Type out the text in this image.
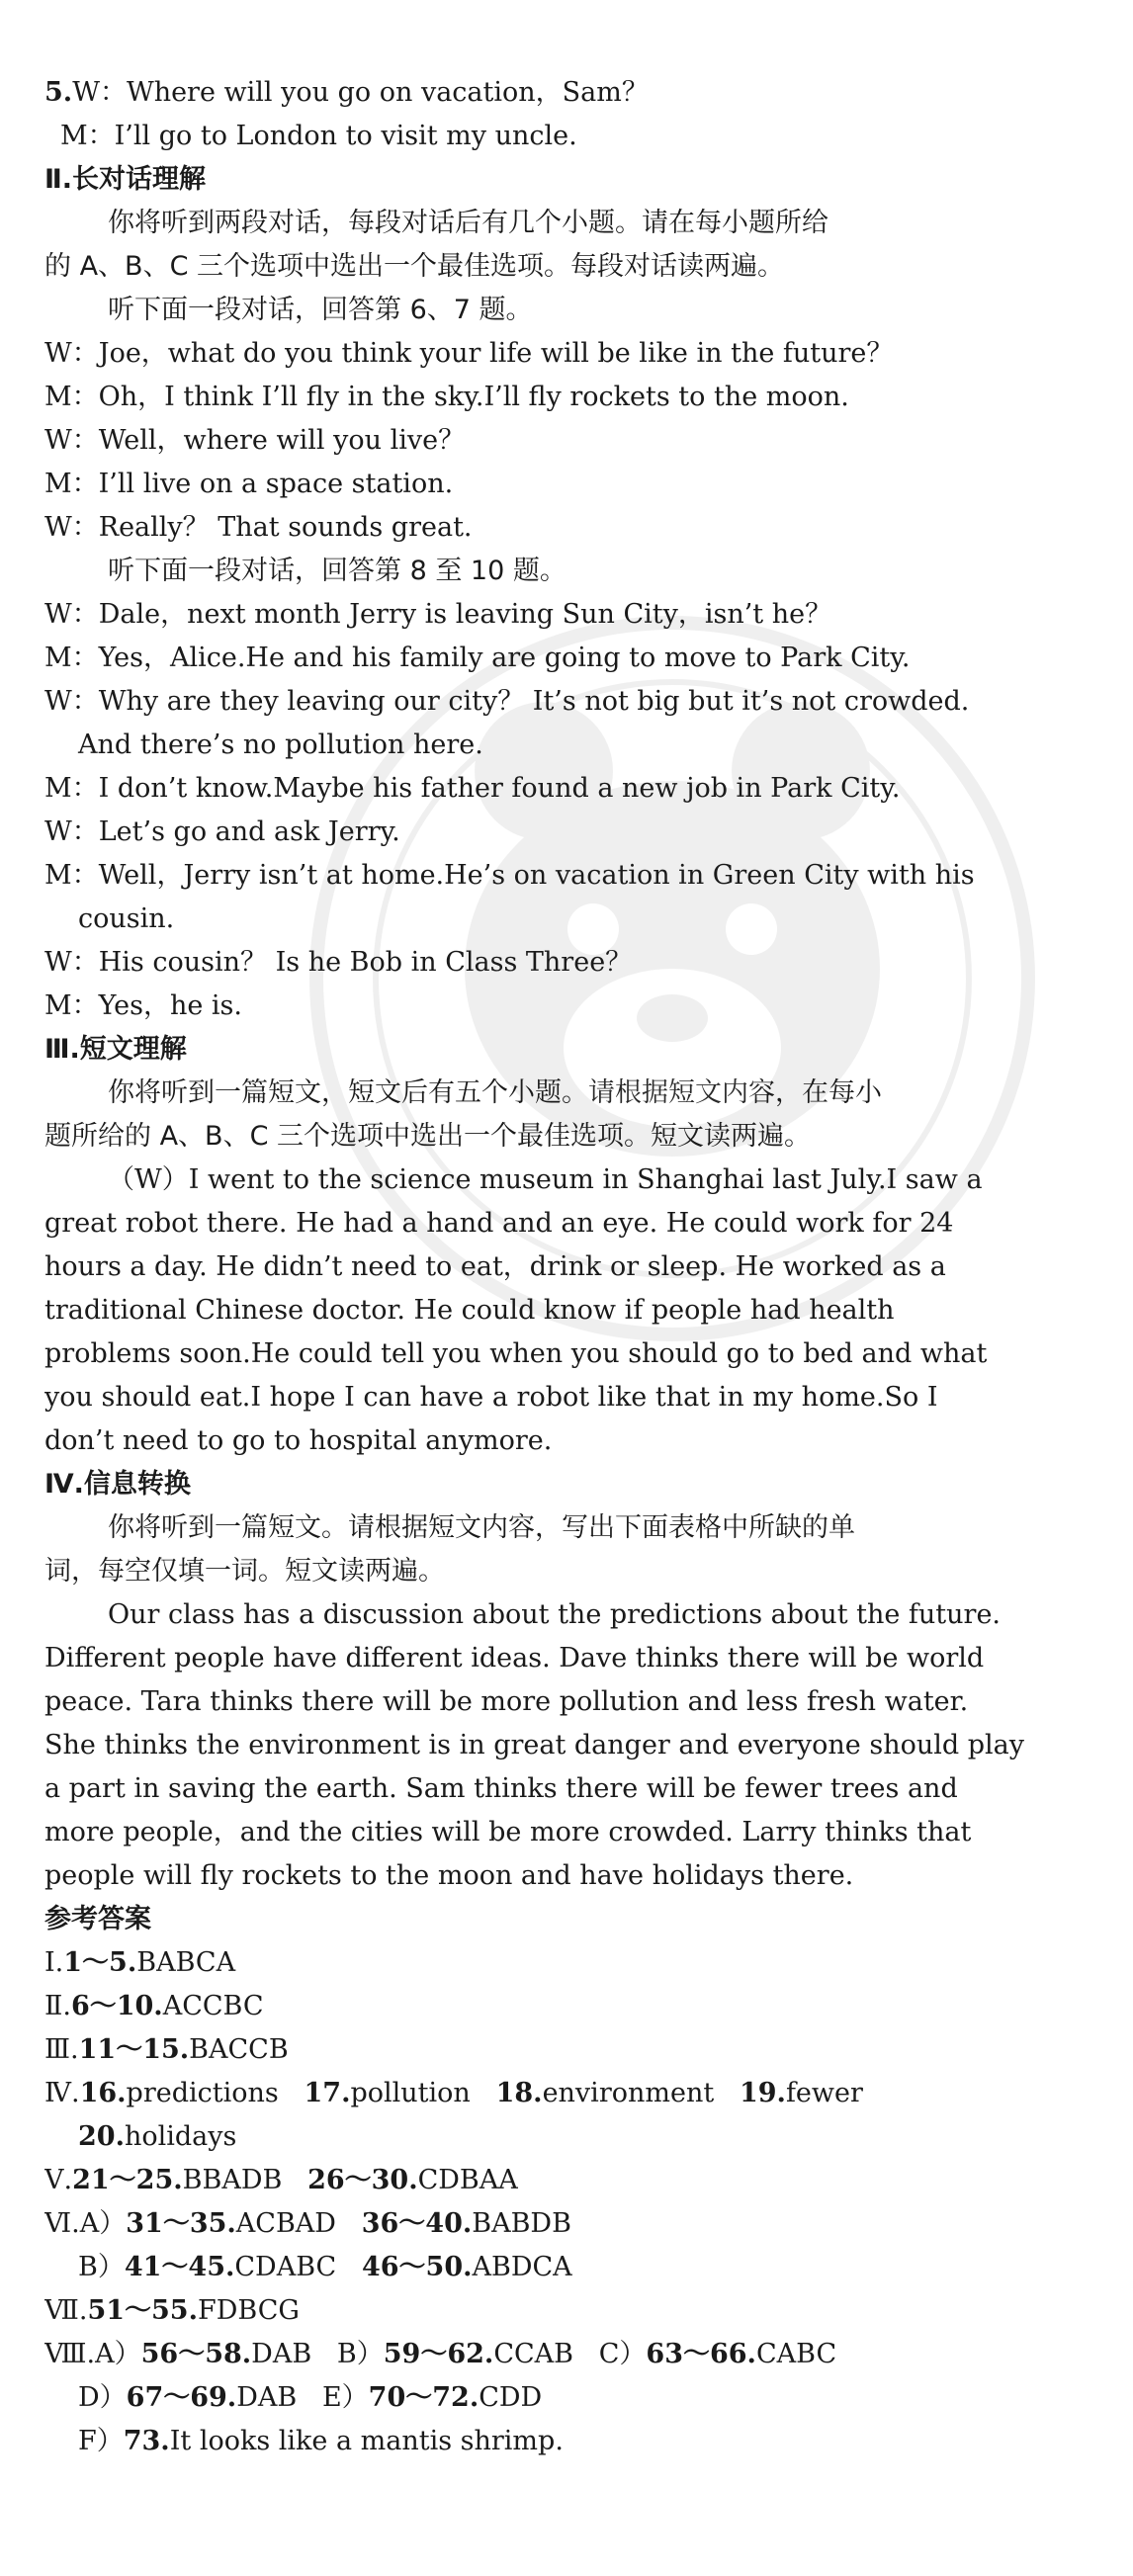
5.W：Where will you go on vacation，Sam？
M：I’ll go to London to visit my uncle.
Ⅱ.长对话理解
你将听到两段对话，每段对话后有几个小题。请在每小题所给
的 A、B、C 三个选项中选出一个最佳选项。每段对话读两遍。
听下面一段对话，回答第 6、7 题。
W：Joe，what do you think your life will be like in the future？
M：Oh，I think I’ll fly in the sky.I’ll fly rockets to the moon.
W：Well，where will you live？
M：I’ll live on a space station.
W：Really？ That sounds great.
听下面一段对话，回答第 8 至 10 题。
W：Dale，next month Jerry is leaving Sun City，isn’t he？
M：Yes，Alice.He and his family are going to move to Park City.
W：Why are they leaving our city？ It’s not big but it’s not crowded.
And there’s no pollution here.
M：I don’t know.Maybe his father found a new job in Park City.
W：Let’s go and ask Jerry.
M：Well，Jerry isn’t at home.He’s on vacation in Green City with his
cousin.
W：His cousin？ Is he Bob in Class Three？
M：Yes，he is.
Ⅲ.短文理解
你将听到一篇短文，短文后有五个小题。请根据短文内容，在每小
题所给的 A、B、C 三个选项中选出一个最佳选项。短文读两遍。
（W）I went to the science museum in Shanghai last July.I saw a
great robot there. He had a hand and an eye. He could work for 24
hours a day. He didn’t need to eat，drink or sleep. He worked as a
traditional Chinese doctor. He could know if people had health
problems soon.He could tell you when you should go to bed and what
you should eat.I hope I can have a robot like that in my home.So I
don’t need to go to hospital anymore.
Ⅳ.信息转换
你将听到一篇短文。请根据短文内容，写出下面表格中所缺的单
词，每空仅填一词。短文读两遍。
Our class has a discussion about the predictions about the future.
Different people have different ideas. Dave thinks there will be world
peace. Tara thinks there will be more pollution and less fresh water.
She thinks the environment is in great danger and everyone should play
a part in saving the earth. Sam thinks there will be fewer trees and
more people，and the cities will be more crowded. Larry thinks that
people will fly rockets to the moon and have holidays there.
参考答案
Ⅰ.1～5.BABCA
Ⅱ.6～10.ACCBC
Ⅲ.11～15.BACCB
Ⅳ.16.predictions 17.pollution 18.environment 19.fewer
20.holidays
Ⅴ.21～25.BBADB 26～30.CDBAA
Ⅵ.A）31～35.ACBAD 36～40.BABDB
B）41～45.CDABC 46～50.ABDCA
Ⅶ.51～55.FDBCG
Ⅷ.A）56～58.DAB B）59～62.CCAB C）63～66.CABC
D）67～69.DAB E）70～72.CDD
F）73.It looks like a mantis shrimp.
